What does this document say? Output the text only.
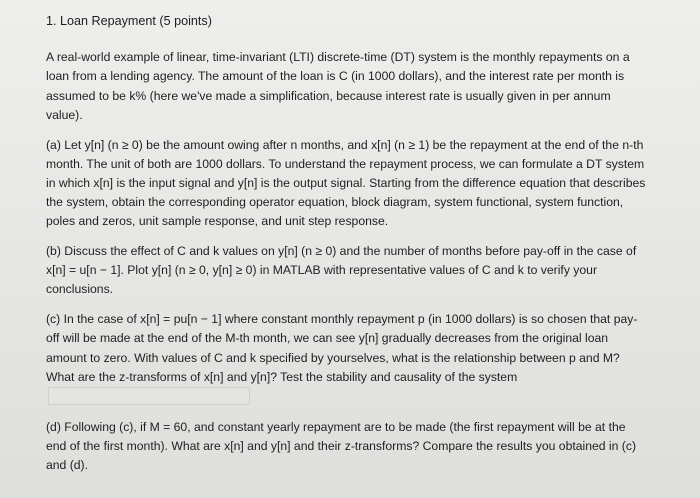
1. Loan Repayment (5 points)

A real-world example of linear, time-invariant (LTI) discrete-time (DT) system is the monthly repayments on a loan from a lending agency. The amount of the loan is C (in 1000 dollars), and the interest rate per month is assumed to be k% (here we've made a simplification, because interest rate is usually given in per annum value).

(a) Let y[n] (n ≥ 0) be the amount owing after n months, and x[n] (n ≥ 1) be the repayment at the end of the n-th month. The unit of both are 1000 dollars. To understand the repayment process, we can formulate a DT system in which x[n] is the input signal and y[n] is the output signal. Starting from the difference equation that describes the system, obtain the corresponding operator equation, block diagram, system functional, system function, poles and zeros, unit sample response, and unit step response.

(b) Discuss the effect of C and k values on y[n] (n ≥ 0) and the number of months before pay-off in the case of x[n] = u[n − 1]. Plot y[n] (n ≥ 0, y[n] ≥ 0) in MATLAB with representative values of C and k to verify your conclusions.

(c) In the case of x[n] = pu[n − 1] where constant monthly repayment p (in 1000 dollars) is so chosen that pay-off will be made at the end of the M-th month, we can see y[n] gradually decreases from the original loan amount to zero. With values of C and k specified by yourselves, what is the relationship between p and M? What are the z-transforms of x[n] and y[n]? Test the stability and causality of the system

(d) Following (c), if M = 60, and constant yearly repayment are to be made (the first repayment will be at the end of the first month). What are x[n] and y[n] and their z-transforms? Compare the results you obtained in (c) and (d).
